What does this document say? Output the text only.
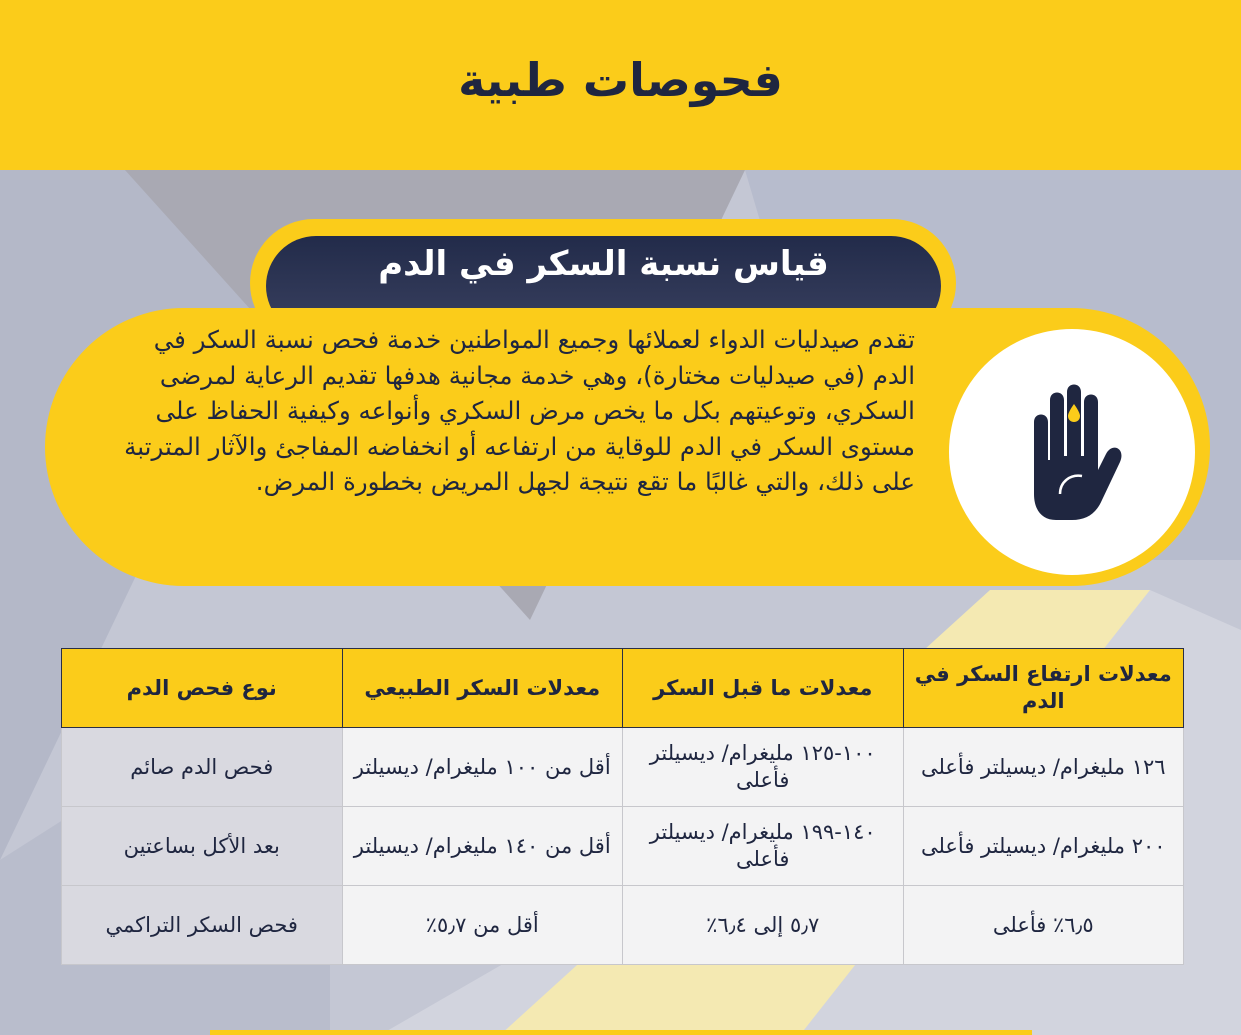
فحوصات طبية
قياس نسبة السكر في الدم
تقدم صيدليات الدواء لعملائها وجميع المواطنين خدمة فحص نسبة السكر في الدم (في صيدليات مختارة)، وهي خدمة مجانية هدفها تقديم الرعاية لمرضى السكري، وتوعيتهم بكل ما يخص مرض السكري وأنواعه وكيفية الحفاظ على مستوى السكر في الدم للوقاية من ارتفاعه أو انخفاضه المفاجئ والآثار المترتبة على ذلك، والتي غالبًا ما تقع نتيجة لجهل المريض بخطورة المرض.
معدلات ارتفاع السكر في الدم	معدلات ما قبل السكر	معدلات السكر الطبيعي	نوع فحص الدم
١٢٦ مليغرام/ ديسيلتر فأعلى	١٠٠-١٢٥ مليغرام/ ديسيلتر فأعلى	أقل من ١٠٠ مليغرام/ ديسيلتر	فحص الدم صائم
٢٠٠ مليغرام/ ديسيلتر فأعلى	١٤٠-١٩٩ مليغرام/ ديسيلتر فأعلى	أقل من ١٤٠ مليغرام/ ديسيلتر	بعد الأكل بساعتين
٦٫٥٪ فأعلى	٥٫٧ إلى ٦٫٤٪	أقل من ٥٫٧٪	فحص السكر التراكمي
